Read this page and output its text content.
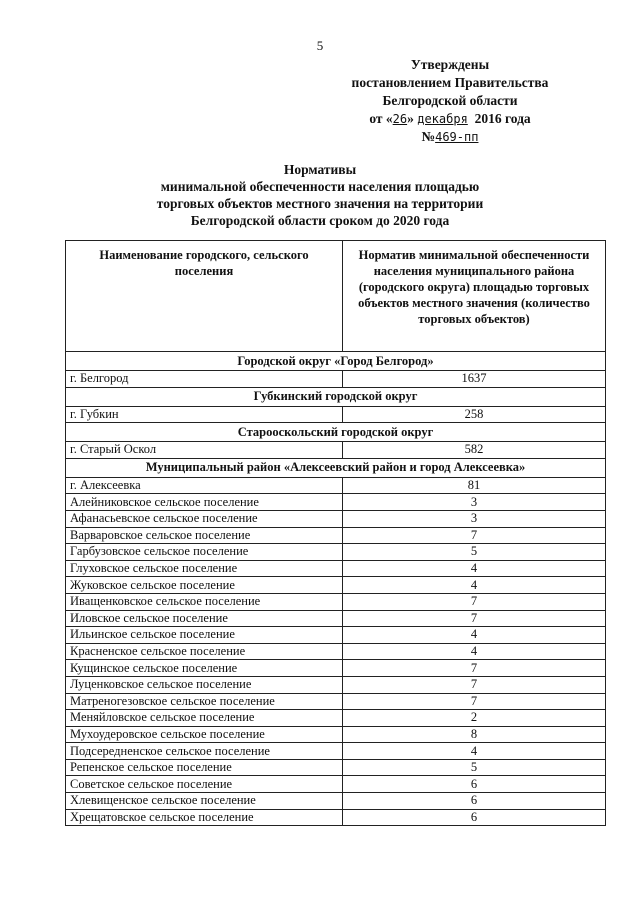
5
Утверждены
постановлением Правительства
Белгородской области
от «26» декабря 2016 года
№469-пп
Нормативы
минимальной обеспеченности населения площадью
торговых объектов местного значения на территории
Белгородской области сроком до 2020 года
Наименование городского, сельского поселения	Норматив минимальной обеспеченности населения муниципального района (городского округа) площадью торговых объектов местного значения (количество торговых объектов)
Городской округ «Город Белгород»	
г. Белгород	1637
Губкинский городской округ	
г. Губкин	258
Старооскольский городской округ	
г. Старый Оскол	582
Муниципальный район «Алексеевский район и город Алексеевка»	
г. Алексеевка	81
Алейниковское сельское поселение	3
Афанасьевское сельское поселение	3
Варваровское сельское поселение	7
Гарбузовское сельское поселение	5
Глуховское сельское поселение	4
Жуковское сельское поселение	4
Иващенковское сельское поселение	7
Иловское сельское поселение	7
Ильинское сельское поселение	4
Красненское сельское поселение	4
Кущинское сельское поселение	7
Луценковское сельское поселение	7
Матреногезовское сельское поселение	7
Меняйловское сельское поселение	2
Мухоудеровское сельское поселение	8
Подсередненское сельское поселение	4
Репенское сельское поселение	5
Советское сельское поселение	6
Хлевищенское сельское поселение	6
Хрещатовское сельское поселение	6
